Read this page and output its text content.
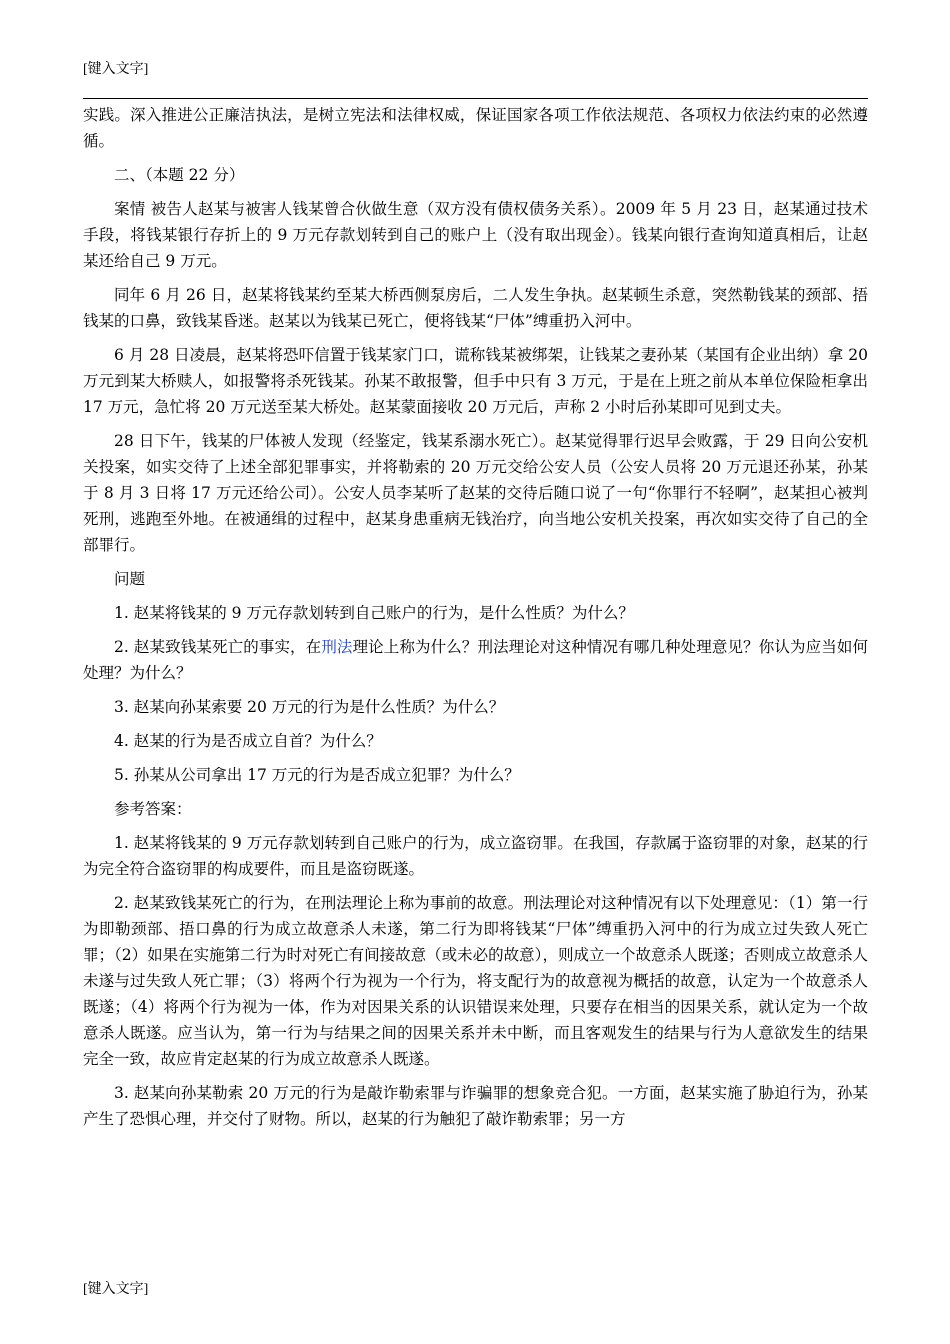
[键入文字]

实践。深入推进公正廉洁执法，是树立宪法和法律权威，保证国家各项工作依法规范、各项权力依法约束的必然遵循。

二、（本题 22 分）

案情 被告人赵某与被害人钱某曾合伙做生意（双方没有债权债务关系）。2009 年 5 月 23 日，赵某通过技术手段，将钱某银行存折上的 9 万元存款划转到自己的账户上（没有取出现金）。钱某向银行查询知道真相后，让赵某还给自己 9 万元。

同年 6 月 26 日，赵某将钱某约至某大桥西侧泵房后，二人发生争执。赵某顿生杀意，突然勒钱某的颈部、捂钱某的口鼻，致钱某昏迷。赵某以为钱某已死亡，便将钱某“尸体”缚重扔入河中。

6 月 28 日凌晨，赵某将恐吓信置于钱某家门口，谎称钱某被绑架，让钱某之妻孙某（某国有企业出纳）拿 20 万元到某大桥赎人，如报警将杀死钱某。孙某不敢报警，但手中只有 3 万元，于是在上班之前从本单位保险柜拿出 17 万元，急忙将 20 万元送至某大桥处。赵某蒙面接收 20 万元后，声称 2 小时后孙某即可见到丈夫。

28 日下午，钱某的尸体被人发现（经鉴定，钱某系溺水死亡）。赵某觉得罪行迟早会败露，于 29 日向公安机关投案，如实交待了上述全部犯罪事实，并将勒索的 20 万元交给公安人员（公安人员将 20 万元退还孙某，孙某于 8 月 3 日将 17 万元还给公司）。公安人员李某听了赵某的交待后随口说了一句“你罪行不轻啊”，赵某担心被判死刑，逃跑至外地。在被通缉的过程中，赵某身患重病无钱治疗，向当地公安机关投案，再次如实交待了自己的全部罪行。

问题

1. 赵某将钱某的 9 万元存款划转到自己账户的行为，是什么性质？为什么？

2. 赵某致钱某死亡的事实，在刑法理论上称为什么？刑法理论对这种情况有哪几种处理意见？你认为应当如何处理？为什么？

3. 赵某向孙某索要 20 万元的行为是什么性质？为什么？

4. 赵某的行为是否成立自首？为什么？

5. 孙某从公司拿出 17 万元的行为是否成立犯罪？为什么？

参考答案：

1. 赵某将钱某的 9 万元存款划转到自己账户的行为，成立盗窃罪。在我国，存款属于盗窃罪的对象，赵某的行为完全符合盗窃罪的构成要件，而且是盗窃既遂。

2. 赵某致钱某死亡的行为，在刑法理论上称为事前的故意。刑法理论对这种情况有以下处理意见：（1）第一行为即勒颈部、捂口鼻的行为成立故意杀人未遂，第二行为即将钱某“尸体”缚重扔入河中的行为成立过失致人死亡罪；（2）如果在实施第二行为时对死亡有间接故意（或未必的故意），则成立一个故意杀人既遂；否则成立故意杀人未遂与过失致人死亡罪；（3）将两个行为视为一个行为，将支配行为的故意视为概括的故意，认定为一个故意杀人既遂；（4）将两个行为视为一体，作为对因果关系的认识错误来处理，只要存在相当的因果关系，就认定为一个故意杀人既遂。应当认为，第一行为与结果之间的因果关系并未中断，而且客观发生的结果与行为人意欲发生的结果完全一致，故应肯定赵某的行为成立故意杀人既遂。

3. 赵某向孙某勒索 20 万元的行为是敲诈勒索罪与诈骗罪的想象竞合犯。一方面，赵某实施了胁迫行为，孙某产生了恐惧心理，并交付了财物。所以，赵某的行为触犯了敲诈勒索罪；另一方

[键入文字]
